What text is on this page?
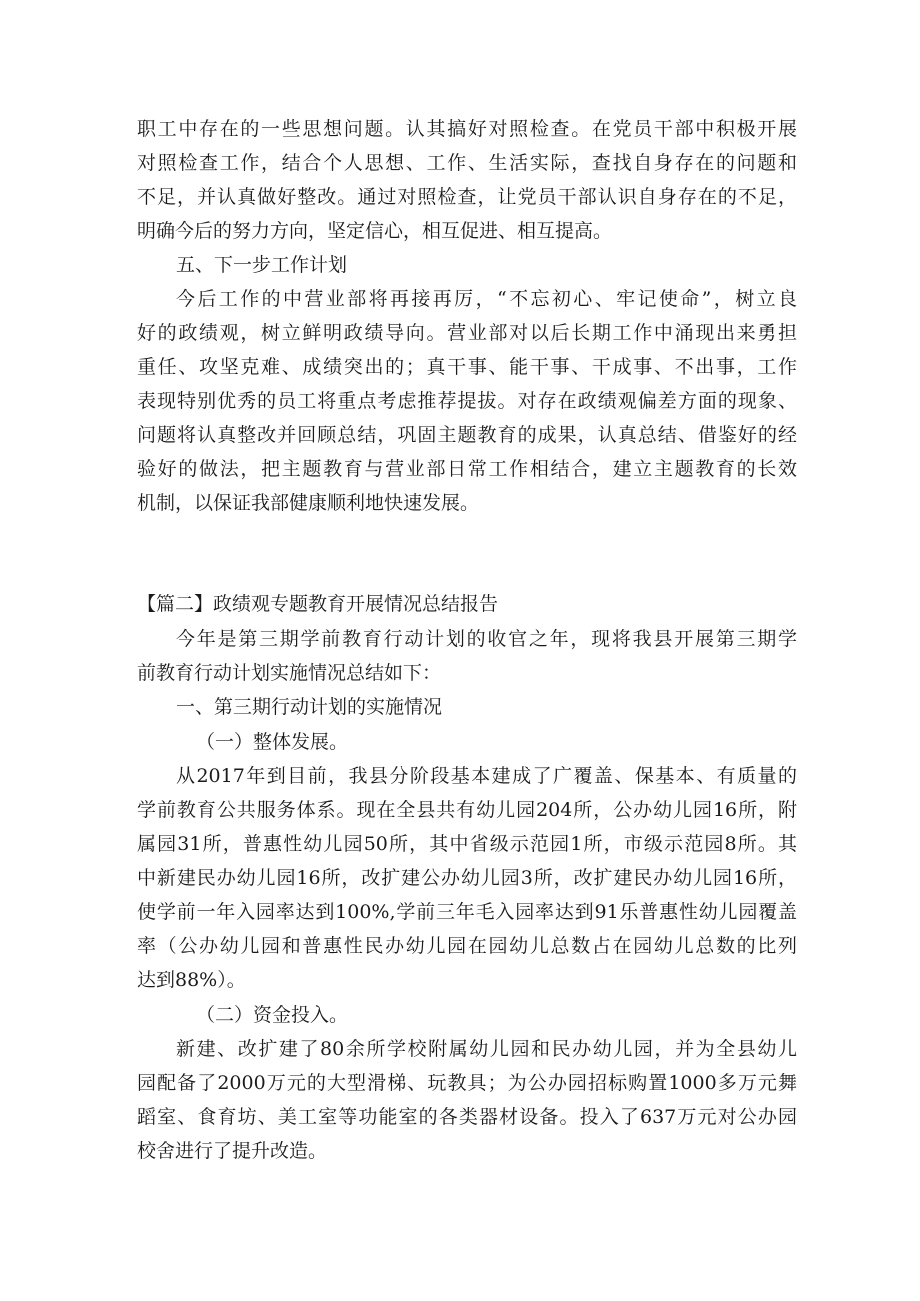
职工中存在的一些思想问题。认其搞好对照检查。在党员干部中积极开展
对照检查工作，结合个人思想、工作、生活实际，查找自身存在的问题和
不足，并认真做好整改。通过对照检查，让党员干部认识自身存在的不足，
明确今后的努力方向，坚定信心，相互促进、相互提高。
五、下一步工作计划
今后工作的中营业部将再接再厉，“不忘初心、牢记使命”，树立良
好的政绩观，树立鲜明政绩导向。营业部对以后长期工作中涌现出来勇担
重任、攻坚克难、成绩突出的；真干事、能干事、干成事、不出事，工作
表现特别优秀的员工将重点考虑推荐提拔。对存在政绩观偏差方面的现象、
问题将认真整改并回顾总结，巩固主题教育的成果，认真总结、借鉴好的经
验好的做法，把主题教育与营业部日常工作相结合，建立主题教育的长效
机制，以保证我部健康顺利地快速发展。
【篇二】政绩观专题教育开展情况总结报告
今年是第三期学前教育行动计划的收官之年，现将我县开展第三期学
前教育行动计划实施情况总结如下：
一、第三期行动计划的实施情况
（一）整体发展。
从2017年到目前，我县分阶段基本建成了广覆盖、保基本、有质量的
学前教育公共服务体系。现在全县共有幼儿园204所，公办幼儿园16所，附
属园31所，普惠性幼儿园50所，其中省级示范园1所，市级示范园8所。其
中新建民办幼儿园16所，改扩建公办幼儿园3所，改扩建民办幼儿园16所，
使学前一年入园率达到100%,学前三年毛入园率达到91乐普惠性幼儿园覆盖
率（公办幼儿园和普惠性民办幼儿园在园幼儿总数占在园幼儿总数的比列
达到88%）。
（二）资金投入。
新建、改扩建了80余所学校附属幼儿园和民办幼儿园，并为全县幼儿
园配备了2000万元的大型滑梯、玩教具；为公办园招标购置1000多万元舞
蹈室、食育坊、美工室等功能室的各类器材设备。投入了637万元对公办园
校舍进行了提升改造。
